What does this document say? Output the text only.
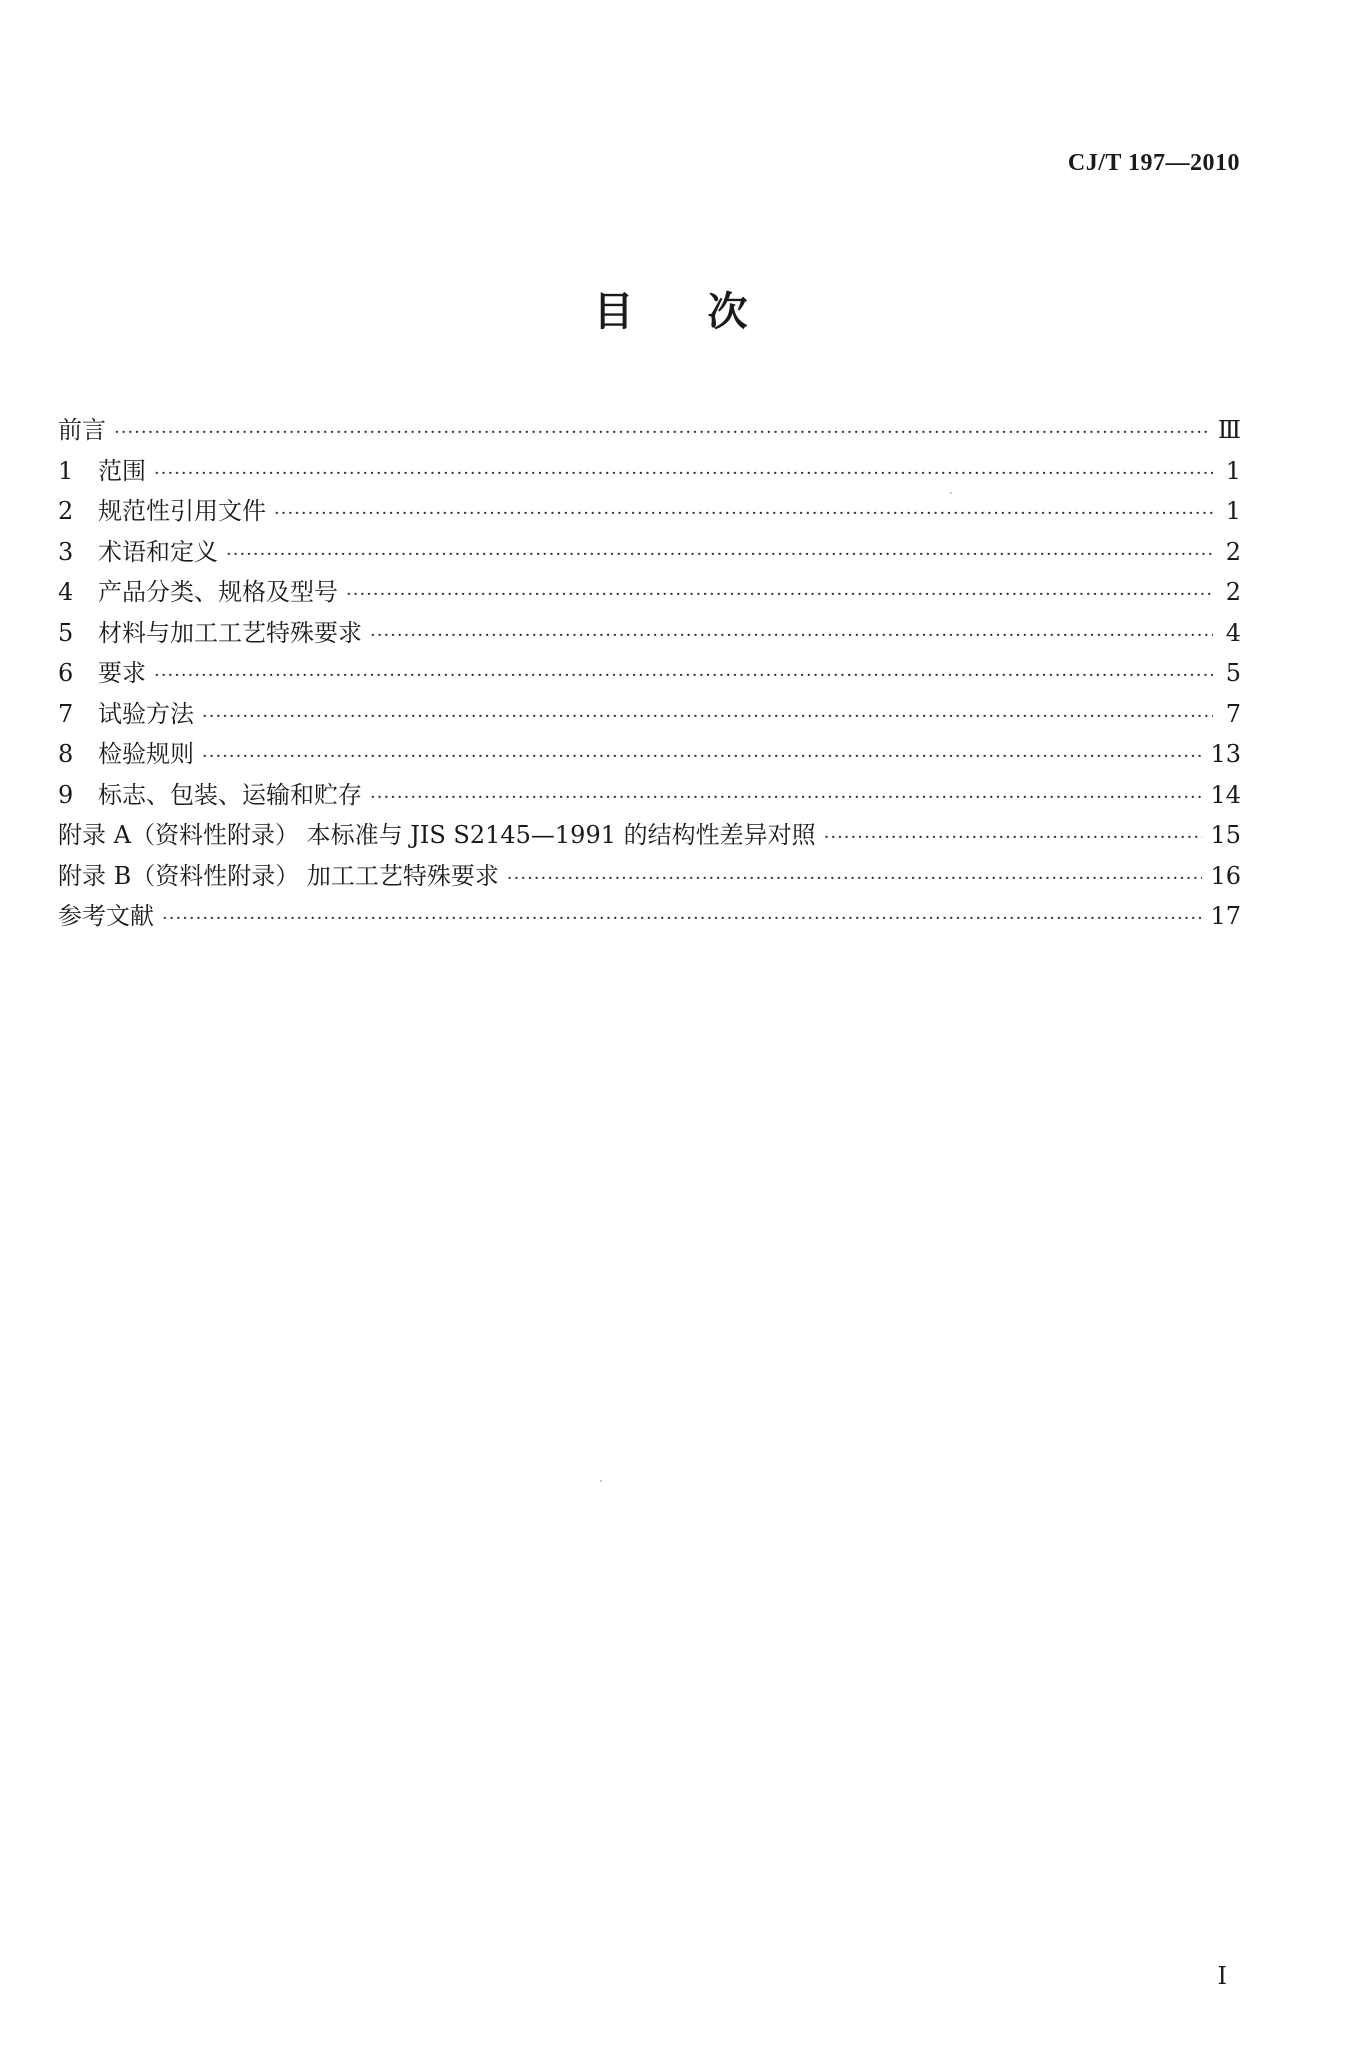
CJ/T 197—2010
目 次
前言 ·····	Ⅲ
1	范围 ·····	1
2	规范性引用文件 ·····	1
3	术语和定义 ·····	2
4	产品分类、规格及型号 ·····	2
5	材料与加工工艺特殊要求 ·····	4
6	要求 ·····	5
7	试验方法 ·····	7
8	检验规则 ·····	13
9	标志、包装、运输和贮存 ·····	14
附录 A（资料性附录） 本标准与 JIS S2145—1991 的结构性差异对照 ·····	15
附录 B（资料性附录） 加工工艺特殊要求 ·····	16
参考文献 ·····	17
I
